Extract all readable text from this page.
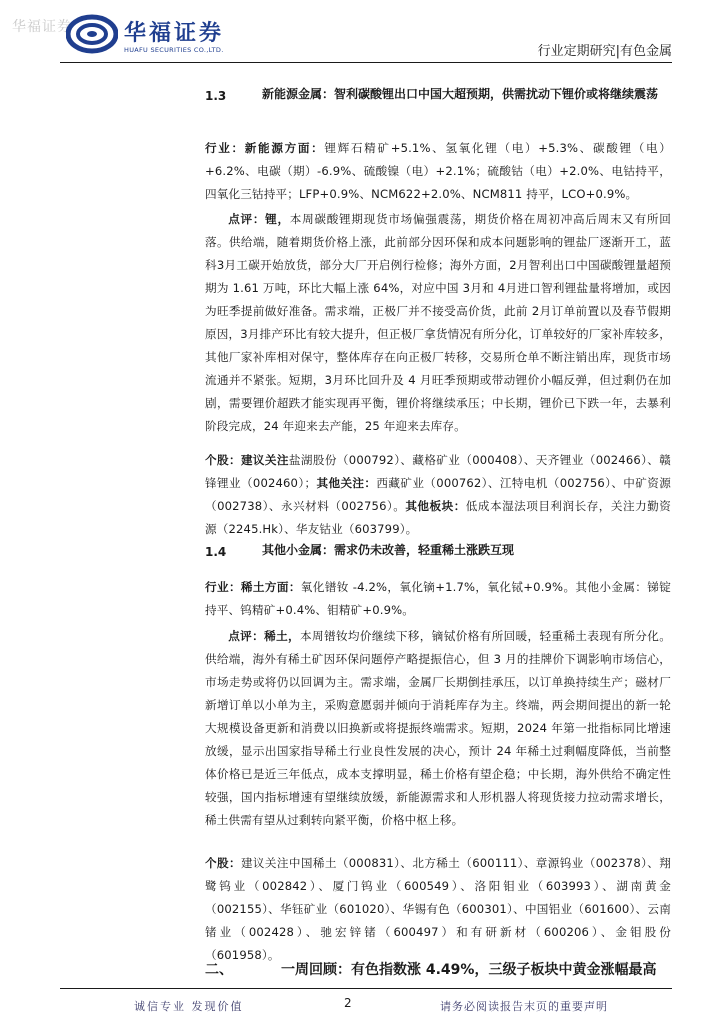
华福证券 华福证券
HUAFU SECURITIES CO.,LTD.	行业定期研究|有色金属
1.3	新能源金属：智利碳酸锂出口中国大超预期，供需扰动下锂价或将继续震荡

行业：新能源方面：锂辉石精矿+5.1%、氢氧化锂（电）+5.3%、碳酸锂（电）+6.2%、电碳（期）-6.9%、硫酸镍（电）+2.1%；硫酸钴（电）+2.0%、电钴持平，四氧化三钴持平；LFP+0.9%、NCM622+2.0%、NCM811 持平，LCO+0.9%。

点评：锂，本周碳酸锂期现货市场偏强震荡，期货价格在周初冲高后周末又有所回落。供给端，随着期货价格上涨，此前部分因环保和成本问题影响的锂盐厂逐渐开工，蓝科3月工碳开始放货，部分大厂开启例行检修；海外方面，2月智利出口中国碳酸锂量超预期为 1.61 万吨，环比大幅上涨 64%，对应中国 3月和 4月进口智利锂盐量将增加，或因为旺季提前做好准备。需求端，正极厂并不接受高价货，此前 2月订单前置以及春节假期原因，3月排产环比有较大提升，但正极厂拿货情况有所分化，订单较好的厂家补库较多，其他厂家补库相对保守，整体库存在向正极厂转移，交易所仓单不断注销出库，现货市场流通并不紧张。短期，3月环比回升及 4 月旺季预期或带动锂价小幅反弹，但过剩仍在加剧，需要锂价超跌才能实现再平衡，锂价将继续承压；中长期，锂价已下跌一年，去暴利阶段完成，24 年迎来去产能，25 年迎来去库存。

个股：建议关注盐湖股份（000792）、藏格矿业（000408）、天齐锂业（002466）、赣锋锂业（002460）；其他关注：西藏矿业（000762）、江特电机（002756）、中矿资源（002738）、永兴材料（002756）。其他板块：低成本湿法项目利润长存，关注力勤资源（2245.Hk）、华友钴业（603799）。

1.4	其他小金属：需求仍未改善，轻重稀土涨跌互现

行业：稀土方面：氧化镨钕 -4.2%，氧化镝+1.7%，氧化铽+0.9%。其他小金属：锑锭持平、钨精矿+0.4%、钼精矿+0.9%。

点评：稀土，本周镨钕均价继续下移，镝铽价格有所回暖，轻重稀土表现有所分化。供给端，海外有稀土矿因环保问题停产略提振信心，但 3 月的挂牌价下调影响市场信心，市场走势或将仍以回调为主。需求端，金属厂长期倒挂承压，以订单换持续生产；磁材厂新增订单以小单为主，采购意愿弱并倾向于消耗库存为主。终端，两会期间提出的新一轮大规模设备更新和消费以旧换新或将提振终端需求。短期，2024 年第一批指标同比增速放缓，显示出国家指导稀土行业良性发展的决心，预计 24 年稀土过剩幅度降低，当前整体价格已是近三年低点，成本支撑明显，稀土价格有望企稳；中长期，海外供给不确定性较强，国内指标增速有望继续放缓，新能源需求和人形机器人将现货接力拉动需求增长，稀土供需有望从过剩转向紧平衡，价格中枢上移。

个股：建议关注中国稀土（000831）、北方稀土（600111）、章源钨业（002378）、翔鹭钨业（002842）、厦门钨业（600549）、洛阳钼业（603993）、湖南黄金（002155）、华钰矿业（601020）、华锡有色（600301）、中国铝业（601600）、云南锗业（002428）、驰宏锌锗（600497）和有研新材（600206）、金钼股份（601958）。

二、	一周回顾：有色指数涨 4.49%，三级子板块中黄金涨幅最高
诚信专业 发现价值	2	请务必阅读报告末页的重要声明
